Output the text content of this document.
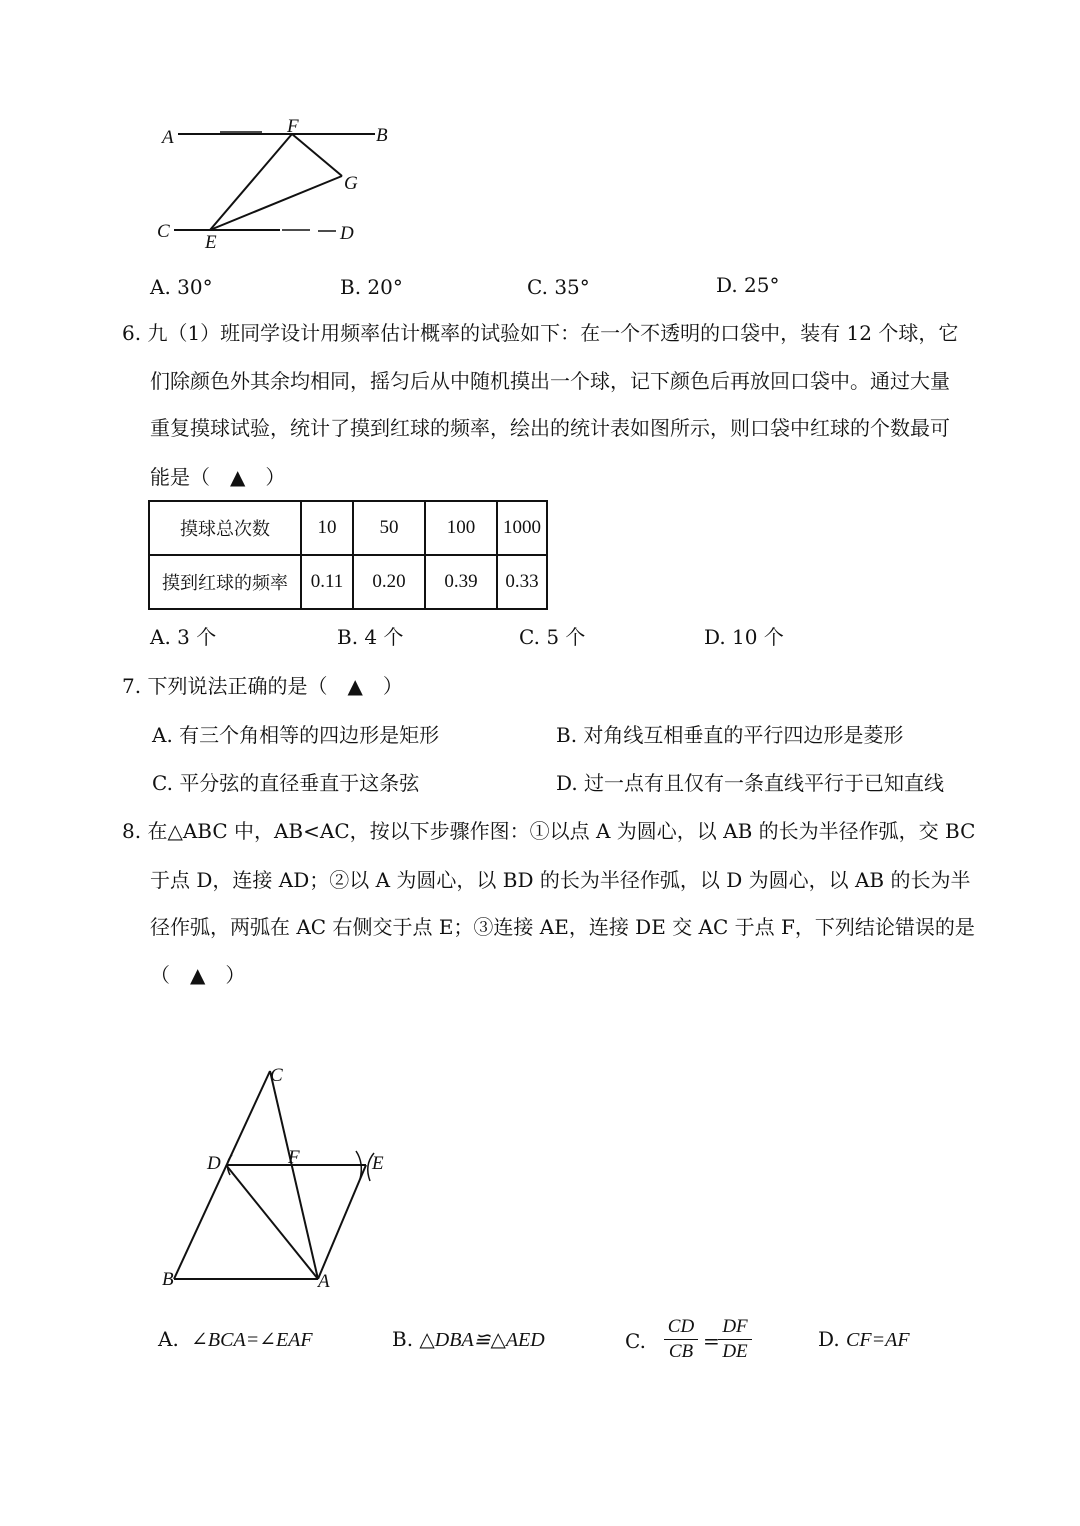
A
F	B
G
C
E	D
A. 30°	B. 20°	C. 35°	D. 25°
6. 九（1）班同学设计用频率估计概率的试验如下：在一个不透明的口袋中，装有 12 个球，它
们除颜色外其余均相同，摇匀后从中随机摸出一个球，记下颜色后再放回口袋中。通过大量
重复摸球试验，统计了摸到红球的频率，绘出的统计表如图所示，则口袋中红球的个数最可
能是（　▲　）
摸球总次数	10	50	100	1000
摸到红球的频率	0.11	0.20	0.39	0.33
A. 3 个	B. 4 个	C. 5 个	D. 10 个
7. 下列说法正确的是（　▲　）
A. 有三个角相等的四边形是矩形	B. 对角线互相垂直的平行四边形是菱形
C. 平分弦的直径垂直于这条弦	D. 过一点有且仅有一条直线平行于已知直线
8. 在△ABC 中，AB<AC，按以下步骤作图：①以点 A 为圆心，以 AB 的长为半径作弧，交 BC
于点 D，连接 AD；②以 A 为圆心，以 BD 的长为半径作弧，以 D 为圆心，以 AB 的长为半
径作弧，两弧在 AC 右侧交于点 E；③连接 AE，连接 DE 交 AC 于点 F，下列结论错误的是
（　▲　）
C
D	F	E
B	A
A. ∠BCA=∠EAF	B. △DBA≌△AED	C.
CD
CB =
DF
DE
D. CF=AF
